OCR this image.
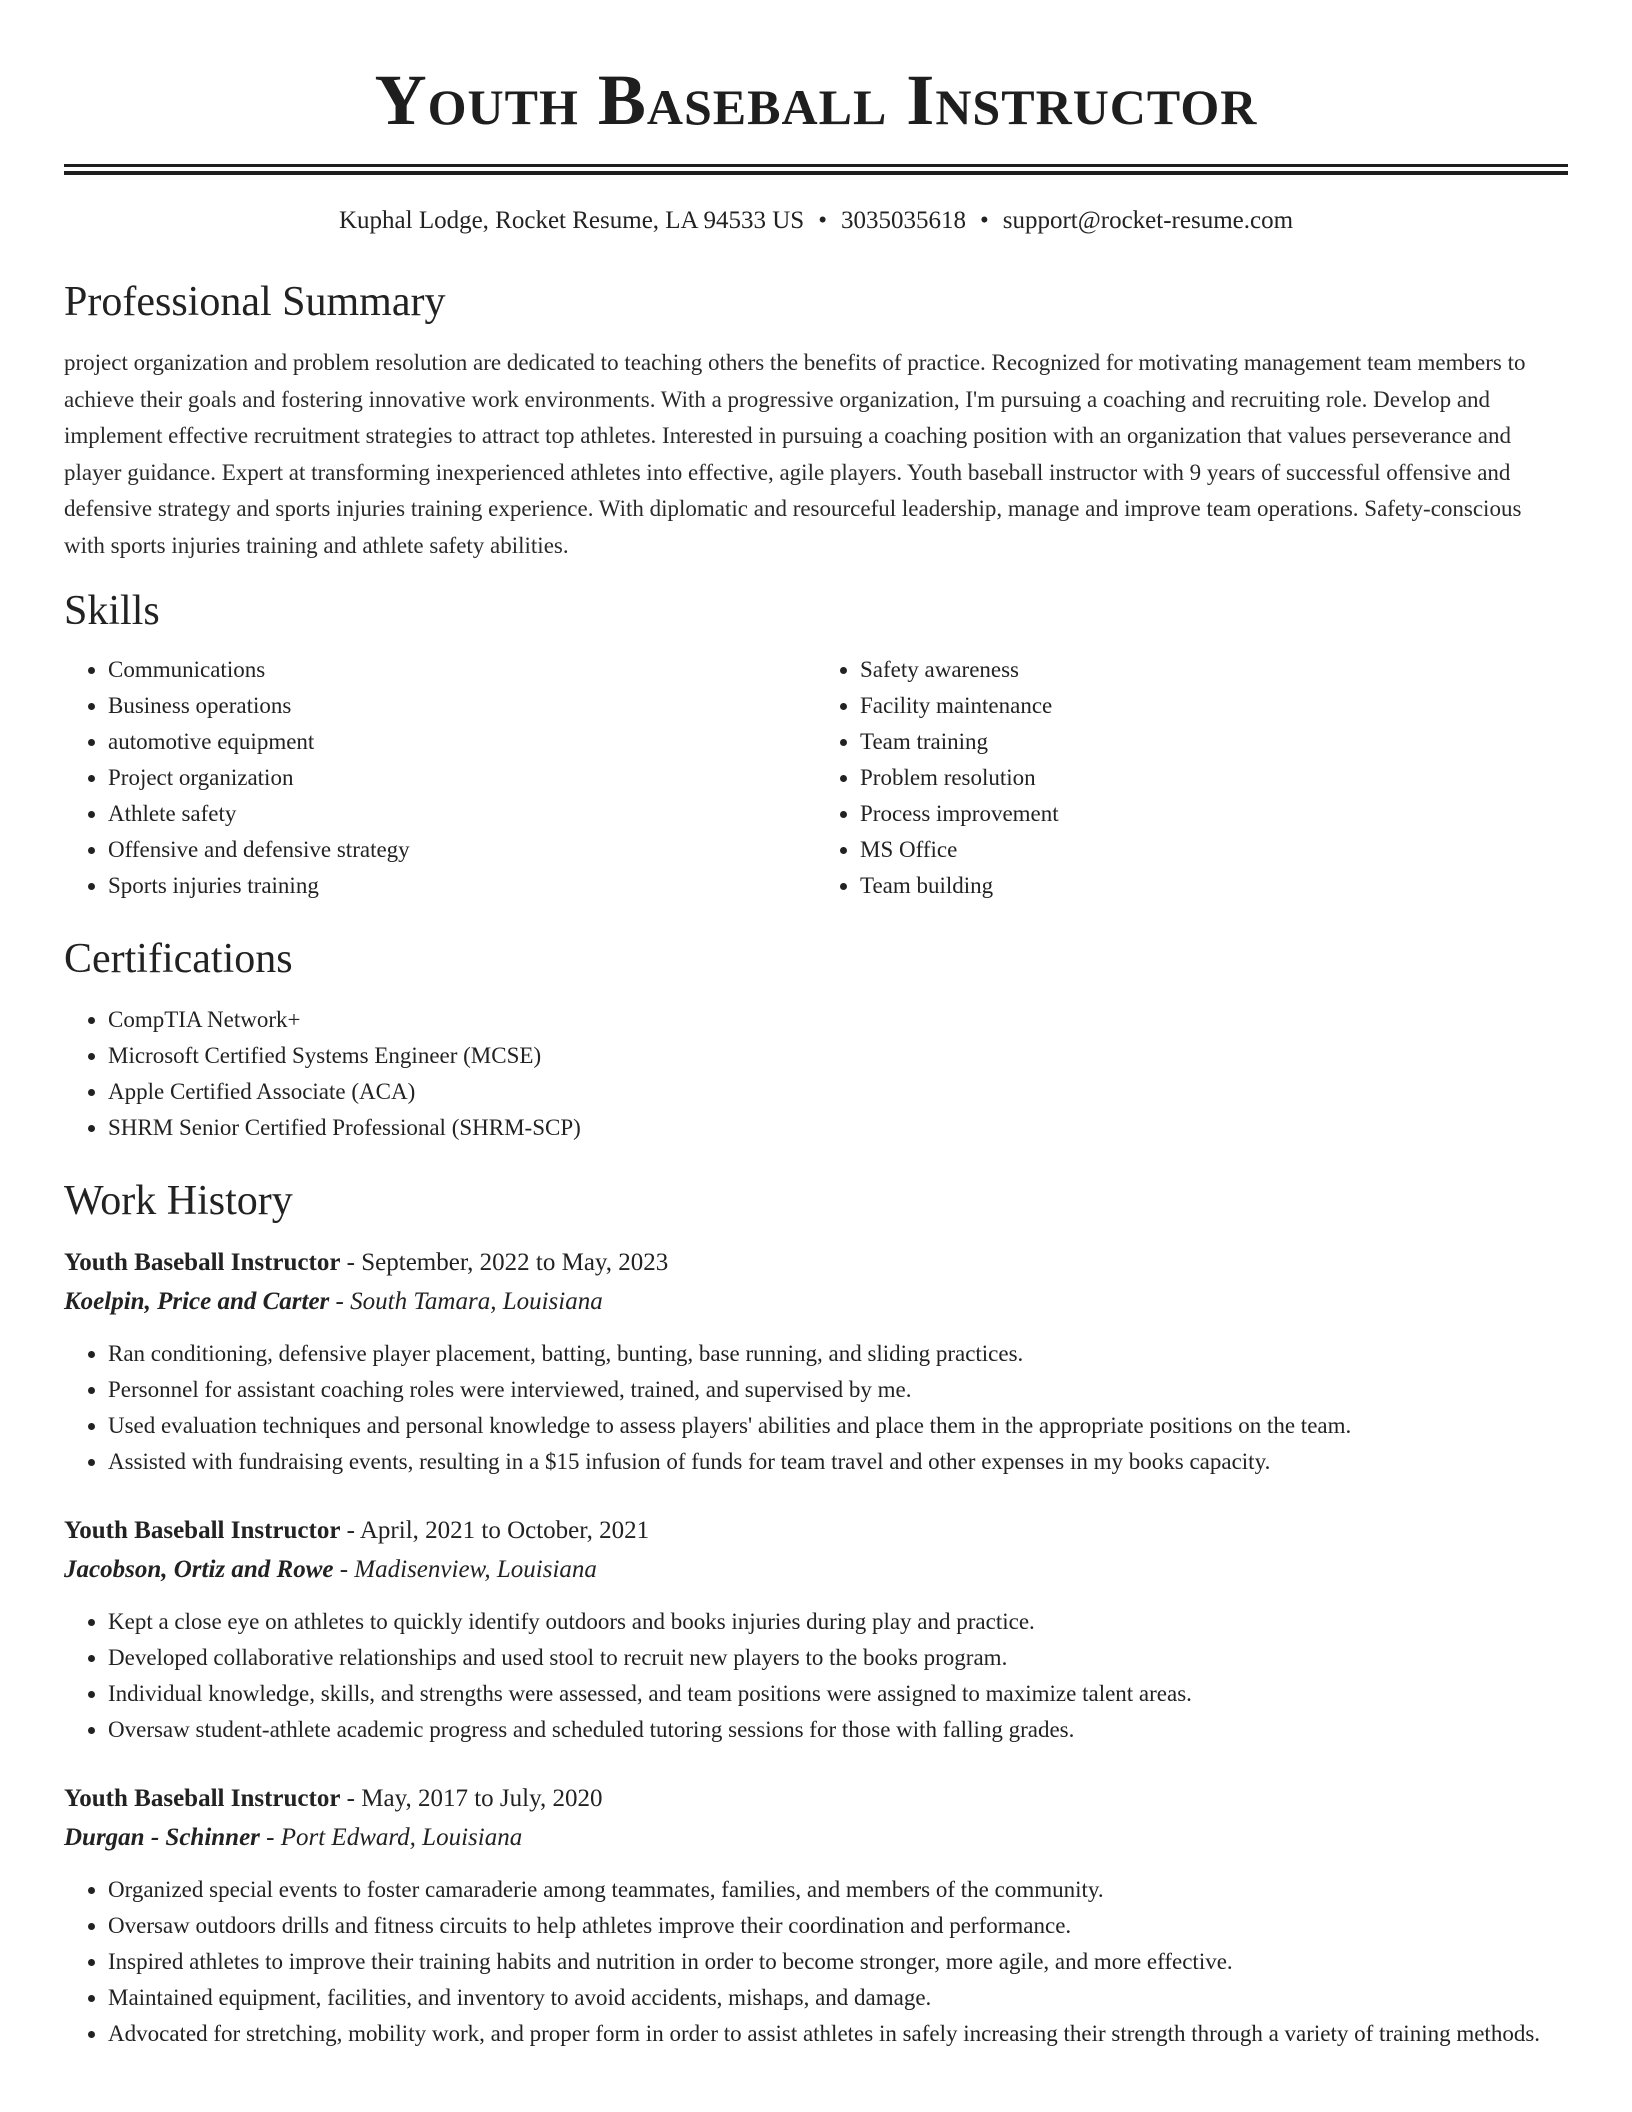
Youth Baseball Instructor
Kuphal Lodge, Rocket Resume, LA 94533 US • 3035035618 • support@rocket-resume.com
Professional Summary
project organization and problem resolution are dedicated to teaching others the benefits of practice. Recognized for motivating management team members to achieve their goals and fostering innovative work environments. With a progressive organization, I'm pursuing a coaching and recruiting role. Develop and implement effective recruitment strategies to attract top athletes. Interested in pursuing a coaching position with an organization that values perseverance and player guidance. Expert at transforming inexperienced athletes into effective, agile players. Youth baseball instructor with 9 years of successful offensive and defensive strategy and sports injuries training experience. With diplomatic and resourceful leadership, manage and improve team operations. Safety-conscious with sports injuries training and athlete safety abilities.
Skills
• Communications
• Business operations
• automotive equipment
• Project organization
• Athlete safety
• Offensive and defensive strategy
• Sports injuries training
• Safety awareness
• Facility maintenance
• Team training
• Problem resolution
• Process improvement
• MS Office
• Team building
Certifications
• CompTIA Network+
• Microsoft Certified Systems Engineer (MCSE)
• Apple Certified Associate (ACA)
• SHRM Senior Certified Professional (SHRM-SCP)
Work History
Youth Baseball Instructor - September, 2022 to May, 2023
Koelpin, Price and Carter - South Tamara, Louisiana
• Ran conditioning, defensive player placement, batting, bunting, base running, and sliding practices.
• Personnel for assistant coaching roles were interviewed, trained, and supervised by me.
• Used evaluation techniques and personal knowledge to assess players' abilities and place them in the appropriate positions on the team.
• Assisted with fundraising events, resulting in a $15 infusion of funds for team travel and other expenses in my books capacity.
Youth Baseball Instructor - April, 2021 to October, 2021
Jacobson, Ortiz and Rowe - Madisenview, Louisiana
• Kept a close eye on athletes to quickly identify outdoors and books injuries during play and practice.
• Developed collaborative relationships and used stool to recruit new players to the books program.
• Individual knowledge, skills, and strengths were assessed, and team positions were assigned to maximize talent areas.
• Oversaw student-athlete academic progress and scheduled tutoring sessions for those with falling grades.
Youth Baseball Instructor - May, 2017 to July, 2020
Durgan - Schinner - Port Edward, Louisiana
• Organized special events to foster camaraderie among teammates, families, and members of the community.
• Oversaw outdoors drills and fitness circuits to help athletes improve their coordination and performance.
• Inspired athletes to improve their training habits and nutrition in order to become stronger, more agile, and more effective.
• Maintained equipment, facilities, and inventory to avoid accidents, mishaps, and damage.
• Advocated for stretching, mobility work, and proper form in order to assist athletes in safely increasing their strength through a variety of training methods.
